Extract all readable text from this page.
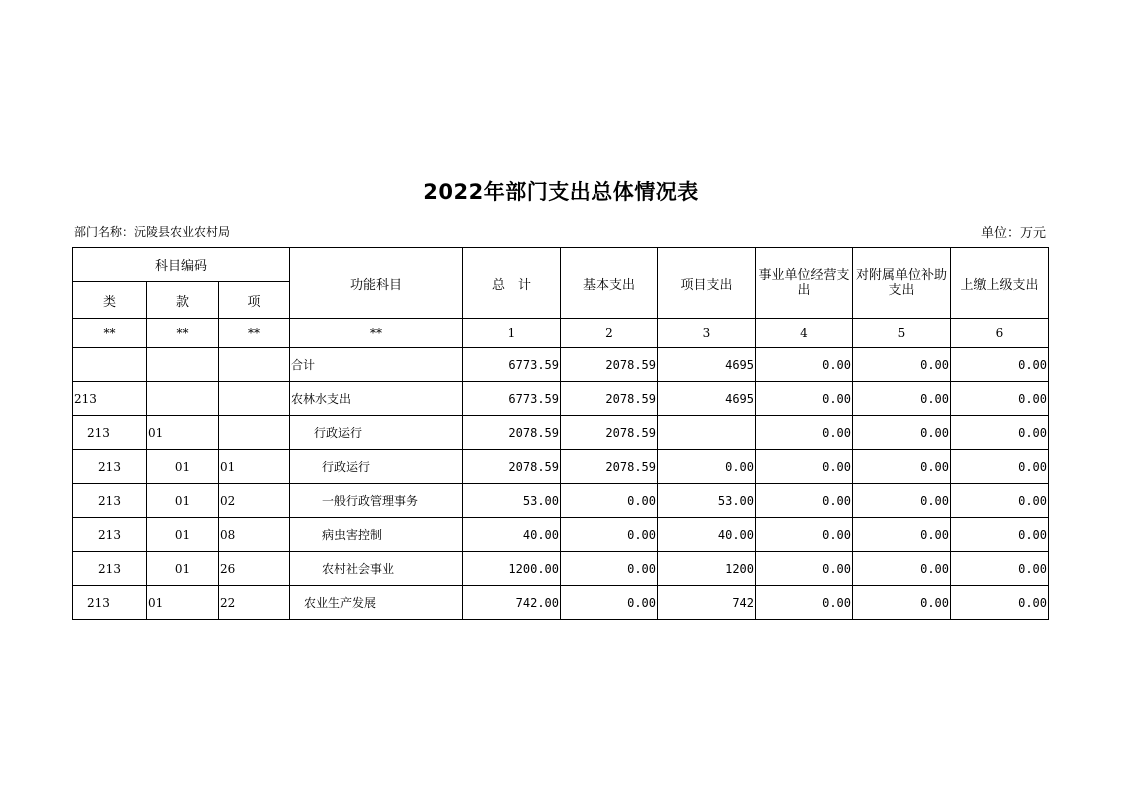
2022年部门支出总体情况表
部门名称：沅陵县农业农村局	单位：万元
科目编码			功能科目	总　计	基本支出	项目支出	事业单位经营支出	对附属单位补助支出	上缴上级支出
类	款	项							
**	**	**	**	1	2	3	4	5	6
			合计	6773.59	2078.59	4695	0.00	0.00	0.00
213			农林水支出	6773.59	2078.59	4695	0.00	0.00	0.00
213	01		行政运行	2078.59	2078.59		0.00	0.00	0.00
213	01	01	行政运行	2078.59	2078.59	0.00	0.00	0.00	0.00
213	01	02	一般行政管理事务	53.00	0.00	53.00	0.00	0.00	0.00
213	01	08	病虫害控制	40.00	0.00	40.00	0.00	0.00	0.00
213	01	26	农村社会事业	1200.00	0.00	1200	0.00	0.00	0.00
213	01	22	农业生产发展	742.00	0.00	742	0.00	0.00	0.00
